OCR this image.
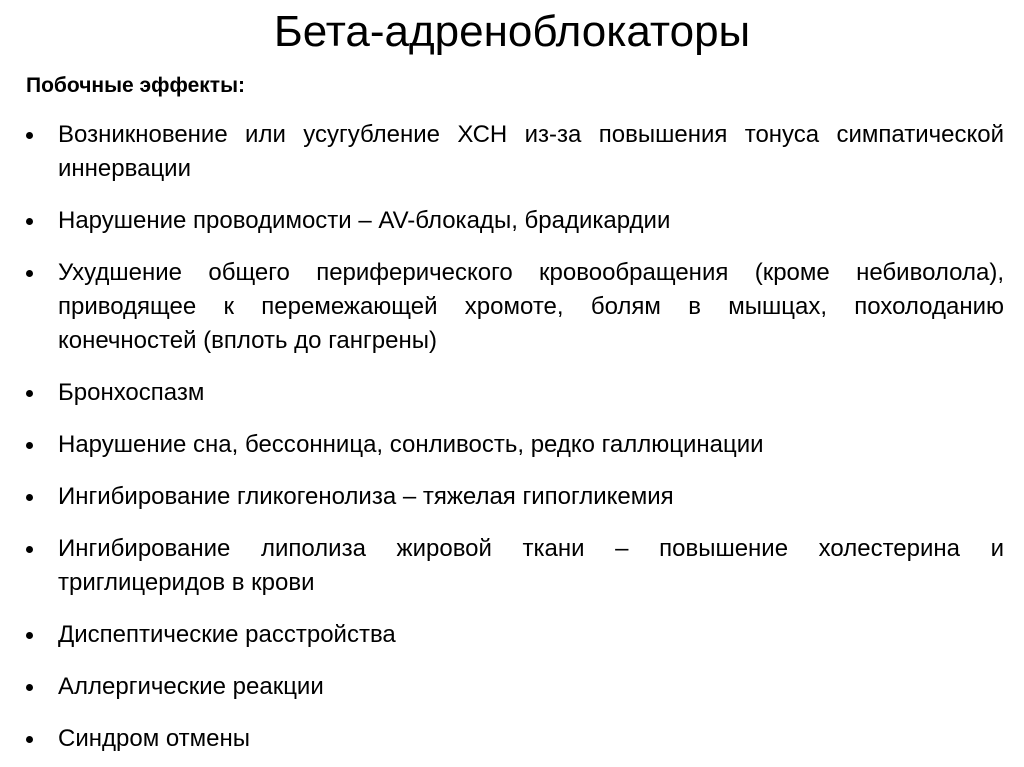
Бета-адреноблокаторы

Побочные эффекты:

Возникновение или усугубление ХСН из-за повышения тонуса симпатической иннервации
Нарушение проводимости – AV-блокады, брадикардии
Ухудшение общего периферического кровообращения (кроме небиволола), приводящее к перемежающей хромоте, болям в мышцах, похолоданию конечностей (вплоть до гангрены)
Бронхоспазм
Нарушение сна, бессонница, сонливость, редко галлюцинации
Ингибирование гликогенолиза – тяжелая гипогликемия
Ингибирование липолиза жировой ткани – повышение холестерина и триглицеридов в крови
Диспептические расстройства
Аллергические реакции
Синдром отмены
